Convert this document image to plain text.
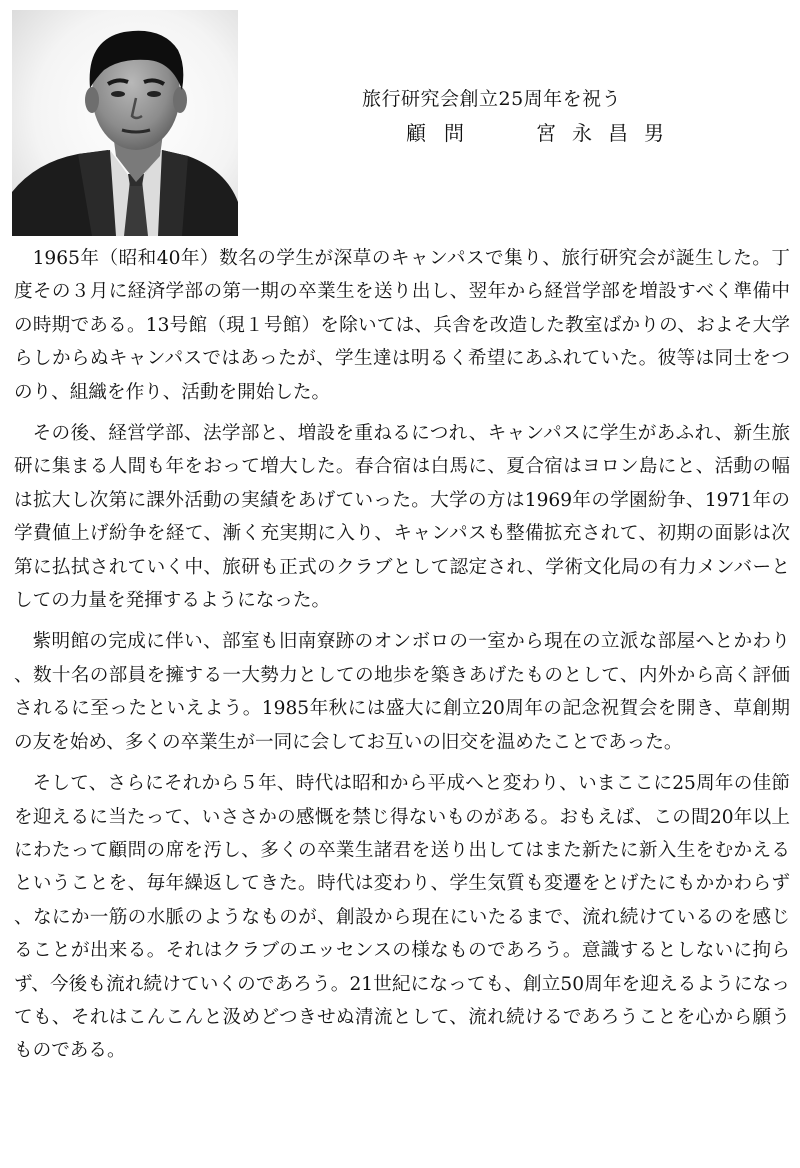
旅行研究会創立25周年を祝う
顧問	宮永昌男

1965年（昭和40年）数名の学生が深草のキャンパスで集り、旅行研究会が誕生した。丁度その３月に経済学部の第一期の卒業生を送り出し、翌年から経営学部を増設すべく準備中の時期である。13号館（現１号館）を除いては、兵舎を改造した教室ばかりの、およそ大学らしからぬキャンパスではあったが、学生達は明るく希望にあふれていた。彼等は同士をつのり、組織を作り、活動を開始した。

その後、経営学部、法学部と、増設を重ねるにつれ、キャンパスに学生があふれ、新生旅研に集まる人間も年をおって増大した。春合宿は白馬に、夏合宿はヨロン島にと、活動の幅は拡大し次第に課外活動の実績をあげていった。大学の方は1969年の学園紛争、1971年の学費値上げ紛争を経て、漸く充実期に入り、キャンパスも整備拡充されて、初期の面影は次第に払拭されていく中、旅研も正式のクラブとして認定され、学術文化局の有力メンバーとしての力量を発揮するようになった。

紫明館の完成に伴い、部室も旧南寮跡のオンボロの一室から現在の立派な部屋へとかわり、数十名の部員を擁する一大勢力としての地歩を築きあげたものとして、内外から高く評価されるに至ったといえよう。1985年秋には盛大に創立20周年の記念祝賀会を開き、草創期の友を始め、多くの卒業生が一同に会してお互いの旧交を温めたことであった。

そして、さらにそれから５年、時代は昭和から平成へと変わり、いまここに25周年の佳節を迎えるに当たって、いささかの感慨を禁じ得ないものがある。おもえば、この間20年以上にわたって顧問の席を汚し、多くの卒業生諸君を送り出してはまた新たに新入生をむかえるということを、毎年繰返してきた。時代は変わり、学生気質も変遷をとげたにもかかわらず、なにか一筋の水脈のようなものが、創設から現在にいたるまで、流れ続けているのを感じることが出来る。それはクラブのエッセンスの様なものであろう。意識するとしないに拘らず、今後も流れ続けていくのであろう。21世紀になっても、創立50周年を迎えるようになっても、それはこんこんと汲めどつきせぬ清流として、流れ続けるであろうことを心から願うものである。
